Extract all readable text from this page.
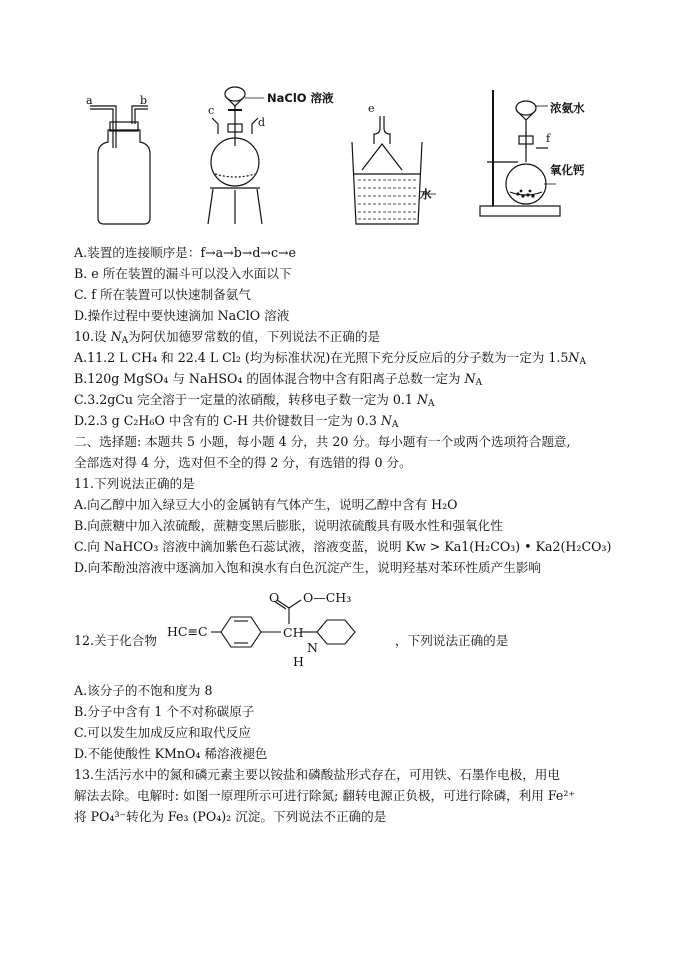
a	b
c
d
NaClO 溶液
e
水
f
浓氨水
氧化钙
A.装置的连接顺序是：f→a→b→d→c→e
B. e 所在装置的漏斗可以没入水面以下
C. f 所在装置可以快速制备氨气
D.操作过程中要快速滴加 NaClO 溶液
10.设 $N_A$为阿伏加德罗常数的值，下列说法不正确的是
A.11.2 L CH₄ 和 22.4 L Cl₂ (均为标准状况)在光照下充分反应后的分子数为一定为 $1.5N_A$
B.120g MgSO₄ 与 NaHSO₄ 的固体混合物中含有阳离子总数一定为 $N_A$
C.3.2gCu 完全溶于一定量的浓硝酸，转移电子数一定为 0.1 $N_A$
D.2.3 g C₂H₆O 中含有的 C-H 共价键数目一定为 0.3 $N_A$
二、选择题: 本题共 5 小题，每小题 4 分，共 20 分。每小题有一个或两个选项符合题意,
全部选对得 4 分，选对但不全的得 2 分，有选错的得 0 分。
11.下列说法正确的是
A.向乙醇中加入绿豆大小的金属钠有气体产生，说明乙醇中含有 H₂O
B.向蔗糖中加入浓硫酸，蔗糖变黑后膨胀，说明浓硫酸具有吸水性和强氧化性
C.向 NaHCO₃ 溶液中滴加紫色石蕊试液，溶液变蓝，说明 Kw > Ka1(H₂CO₃) • Ka2(H₂CO₃)
D.向苯酚浊溶液中逐滴加入饱和溴水有白色沉淀产生，说明羟基对苯环性质产生影响
12.关于化合物	，下列说法正确的是
HC≡C
O O—CH₃
CH
N
H
A.该分子的不饱和度为 8
B.分子中含有 1 个不对称碳原子
C.可以发生加成反应和取代反应
D.不能使酸性 KMnO₄ 稀溶液褪色
13.生活污水中的氮和磷元素主要以铵盐和磷酸盐形式存在，可用铁、石墨作电极，用电
解法去除。电解时: 如图一原理所示可进行除氮; 翻转电源正负极，可进行除磷，利用 Fe²⁺
将 PO₄³⁻转化为 Fe₃ (PO₄)₂ 沉淀。下列说法不正确的是
